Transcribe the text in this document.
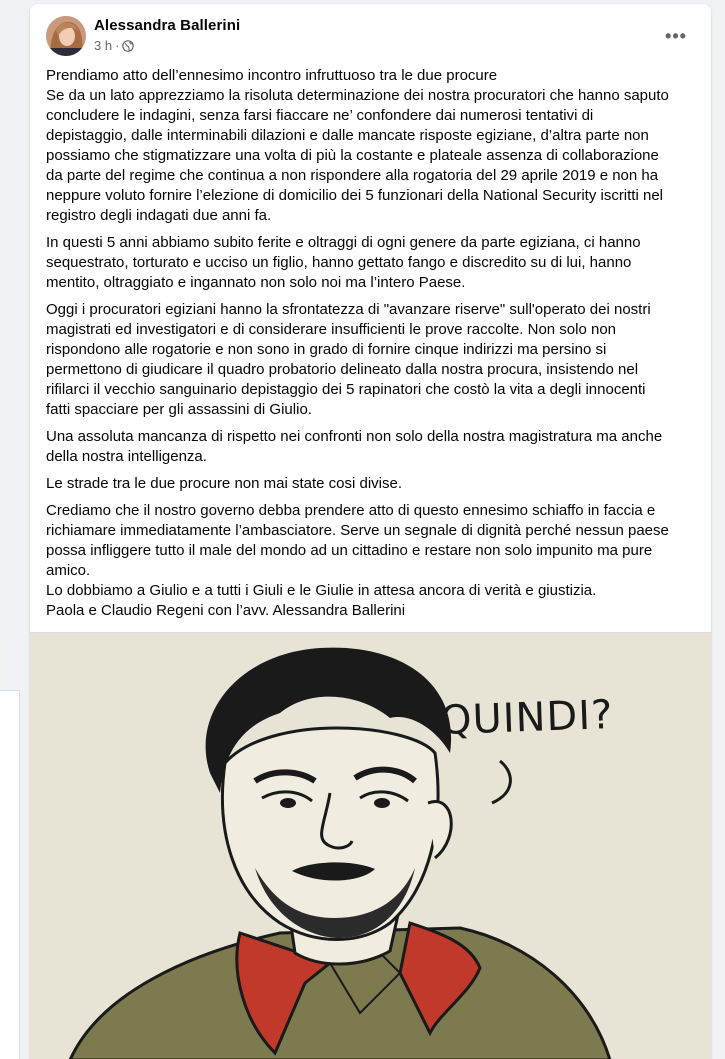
Alessandra Ballerini
3 h ·	•••

Prendiamo atto dell’ennesimo incontro infruttuoso tra le due procure
Se da un lato apprezziamo la risoluta determinazione dei nostra procuratori che hanno saputo
concludere le indagini, senza farsi fiaccare ne’ confondere dai numerosi tentativi di
depistaggio, dalle interminabili dilazioni e dalle mancate risposte egiziane, d’altra parte non
possiamo che stigmatizzare una volta di più la costante e plateale assenza di collaborazione
da parte del regime che continua a non rispondere alla rogatoria del 29 aprile 2019 e non ha
neppure voluto fornire l’elezione di domicilio dei 5 funzionari della National Security iscritti nel
registro degli indagati due anni fa.

In questi 5 anni abbiamo subito ferite e oltraggi di ogni genere da parte egiziana, ci hanno
sequestrato, torturato e ucciso un figlio, hanno gettato fango e discredito su di lui, hanno
mentito, oltraggiato e ingannato non solo noi ma l’intero Paese.

Oggi i procuratori egiziani hanno la sfrontatezza di "avanzare riserve" sull'operato dei nostri
magistrati ed investigatori e di considerare insufficienti le prove raccolte. Non solo non
rispondono alle rogatorie e non sono in grado di fornire cinque indirizzi ma persino si
permettono di giudicare il quadro probatorio delineato dalla nostra procura, insistendo nel
rifilarci il vecchio sanguinario depistaggio dei 5 rapinatori che costò la vita a degli innocenti
fatti spacciare per gli assassini di Giulio.

Una assoluta mancanza di rispetto nei confronti non solo della nostra magistratura ma anche
della nostra intelligenza.

Le strade tra le due procure non mai state cosi divise.

Crediamo che il nostro governo debba prendere atto di questo ennesimo schiaffo in faccia e
richiamare immediatamente l’ambasciatore. Serve un segnale di dignità perché nessun paese
possa infliggere tutto il male del mondo ad un cittadino e restare non solo impunito ma pure
amico.
Lo dobbiamo a Giulio e a tutti i Giuli e le Giulie in attesa ancora di verità e giustizia.
Paola e Claudio Regeni con l’avv. Alessandra Ballerini

QUINDI?
